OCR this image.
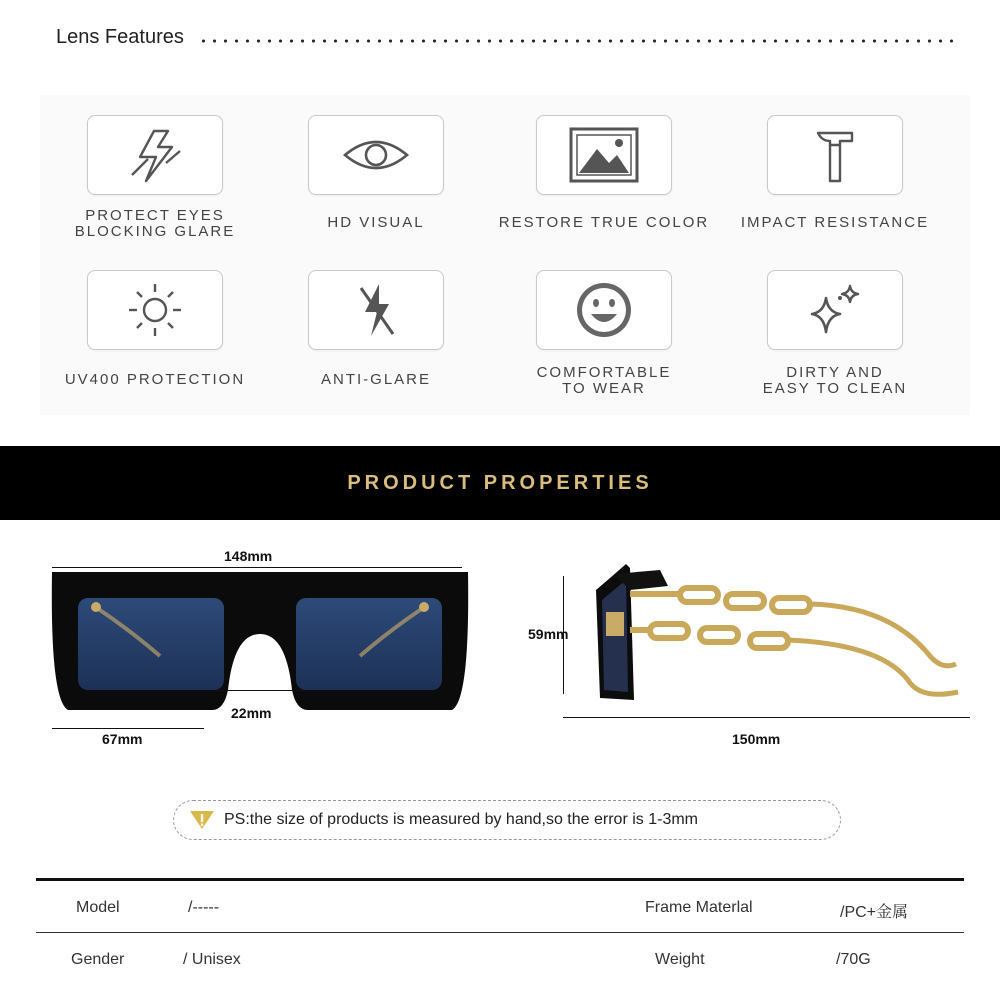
Lens Features
PROTECT EYES
BLOCKING GLARE
HD VISUAL	RESTORE TRUE COLOR	IMPACT RESISTANCE
UV400 PROTECTION	ANTI-GLARE	COMFORTABLE
TO WEAR
DIRTY AND
EASY TO CLEAN
PRODUCT PROPERTIES
148mm
22mm
67mm
59mm
150mm
PS:the size of products is measured by hand,so the error is 1-3mm
Model	/-----	Frame Materlal	/PC+金属
Gender	/ Unisex	Weight	/70G
